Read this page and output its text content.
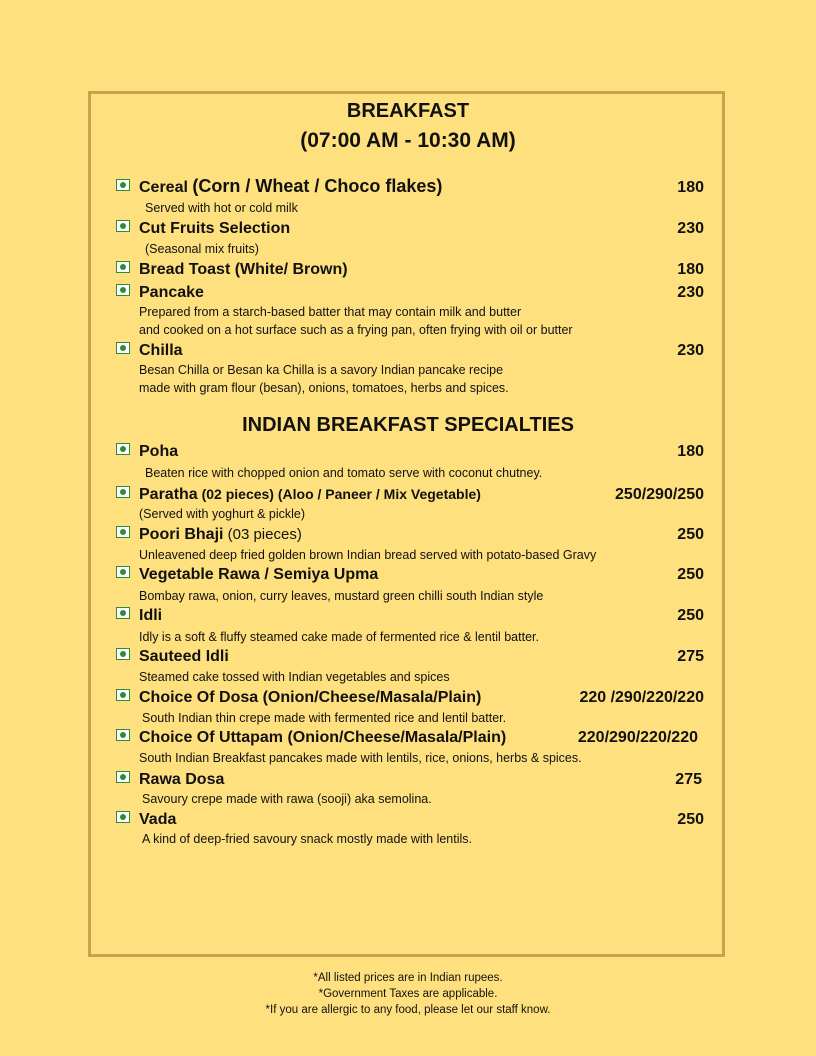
BREAKFAST
(07:00 AM - 10:30 AM)
Cereal (Corn / Wheat / Choco flakes)	180
Served with hot or cold milk
Cut Fruits Selection	230
(Seasonal mix fruits)
Bread Toast (White/ Brown)	180
Pancake	230
Prepared from a starch-based batter that may contain milk and butter
and cooked on a hot surface such as a frying pan, often frying with oil or butter
Chilla	230
Besan Chilla or Besan ka Chilla is a savory Indian pancake recipe
made with gram flour (besan), onions, tomatoes, herbs and spices.
INDIAN BREAKFAST SPECIALTIES
Poha	180
Beaten rice with chopped onion and tomato serve with coconut chutney.
Paratha (02 pieces) (Aloo / Paneer / Mix Vegetable)	250/290/250
(Served with yoghurt & pickle)
Poori Bhaji (03 pieces)	250
Unleavened deep fried golden brown Indian bread served with potato-based Gravy
Vegetable Rawa / Semiya Upma	250
Bombay rawa, onion, curry leaves, mustard green chilli south Indian style
Idli	250
Idly is a soft & fluffy steamed cake made of fermented rice & lentil batter.
Sauteed Idli	275
Steamed cake tossed with Indian vegetables and spices
Choice Of Dosa (Onion/Cheese/Masala/Plain)	220 /290/220/220
South Indian thin crepe made with fermented rice and lentil batter.
Choice Of Uttapam (Onion/Cheese/Masala/Plain)	220/290/220/220
South Indian Breakfast pancakes made with lentils, rice, onions, herbs & spices.
Rawa Dosa	275
Savoury crepe made with rawa (sooji) aka semolina.
Vada	250
A kind of deep-fried savoury snack mostly made with lentils.
*All listed prices are in Indian rupees.
*Government Taxes are applicable.
*If you are allergic to any food, please let our staff know.
